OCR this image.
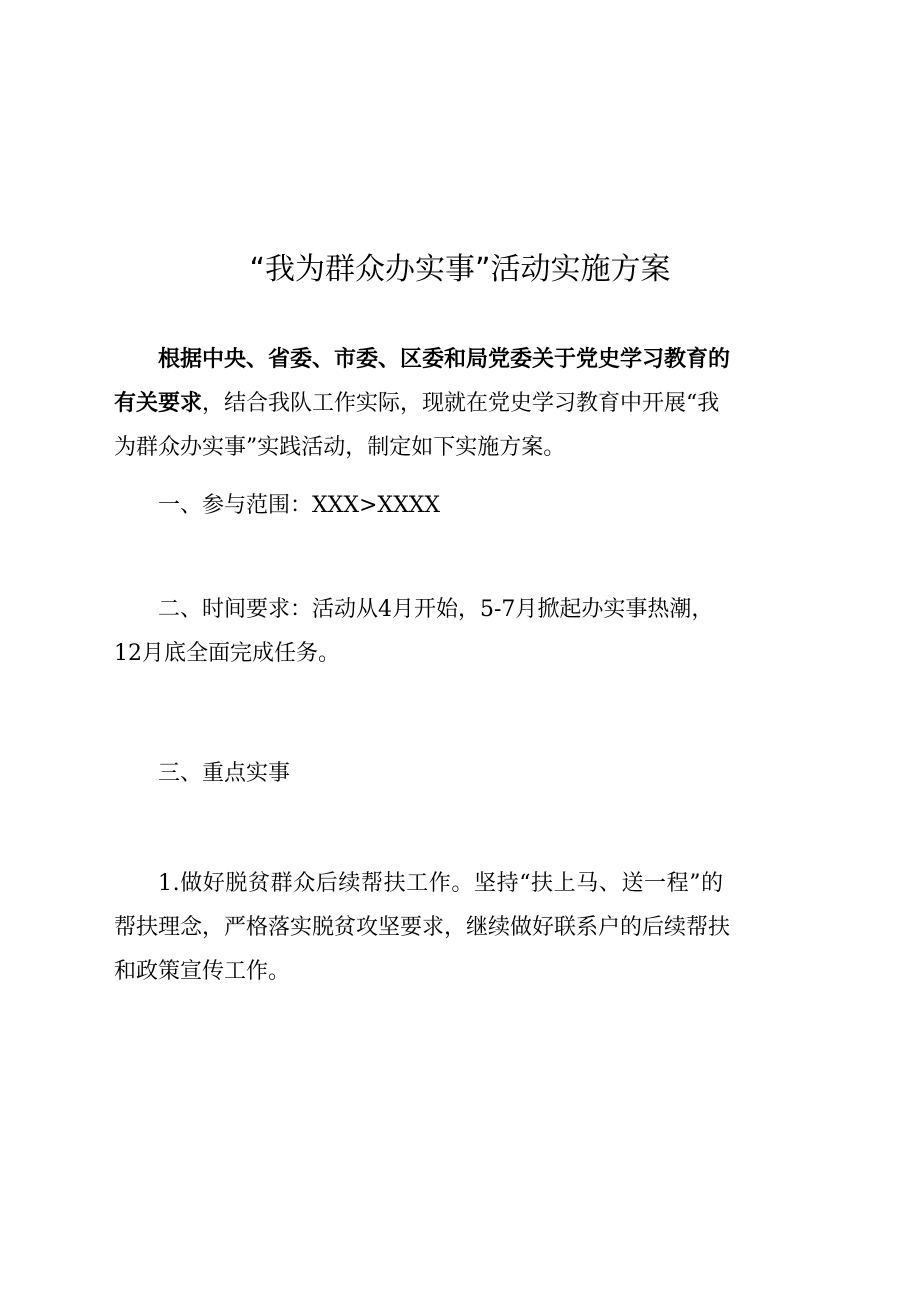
“我为群众办实事”活动实施方案
根据中央、省委、市委、区委和局党委关于党史学习教育的
有关要求，结合我队工作实际，现就在党史学习教育中开展“我
为群众办实事”实践活动，制定如下实施方案。
一、参与范围：XXX>XXXX
二、时间要求：活动从4月开始，5-7月掀起办实事热潮，
12月底全面完成任务。
三、重点实事
1.做好脱贫群众后续帮扶工作。坚持“扶上马、送一程”的
帮扶理念，严格落实脱贫攻坚要求，继续做好联系户的后续帮扶
和政策宣传工作。
